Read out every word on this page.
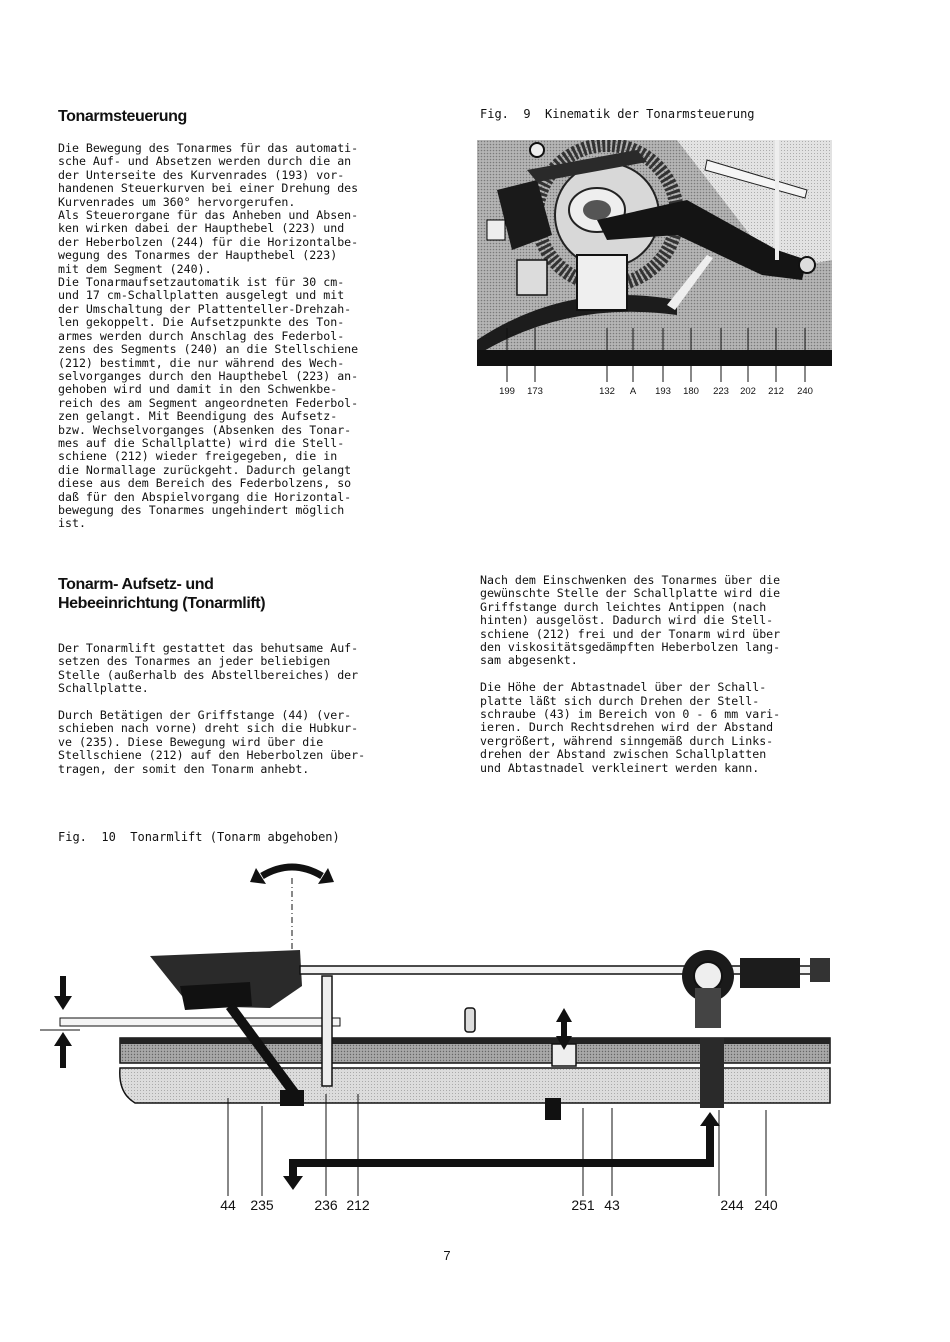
Tonarmsteuerung
Die Bewegung des Tonarmes für das automati-
sche Auf- und Absetzen werden durch die an
der Unterseite des Kurvenrades (193) vor-
handenen Steuerkurven bei einer Drehung des
Kurvenrades um 360° hervorgerufen.
Als Steuerorgane für das Anheben und Absen-
ken wirken dabei der Haupthebel (223) und
der Heberbolzen (244) für die Horizontalbe-
wegung des Tonarmes der Haupthebel (223)
mit dem Segment (240).
Die Tonarmaufsetzautomatik ist für 30 cm-
und 17 cm-Schallplatten ausgelegt und mit
der Umschaltung der Plattenteller-Drehzah-
len gekoppelt. Die Aufsetzpunkte des Ton-
armes werden durch Anschlag des Federbol-
zens des Segments (240) an die Stellschiene
(212) bestimmt, die nur während des Wech-
selvorganges durch den Haupthebel (223) an-
gehoben wird und damit in den Schwenkbe-
reich des am Segment angeordneten Federbol-
zen gelangt. Mit Beendigung des Aufsetz-
bzw. Wechselvorganges (Absenken des Tonar-
mes auf die Schallplatte) wird die Stell-
schiene (212) wieder freigegeben, die in
die Normallage zurückgeht. Dadurch gelangt
diese aus dem Bereich des Federbolzens, so
daß für den Abspielvorgang die Horizontal-
bewegung des Tonarmes ungehindert möglich
ist.
Fig.  9  Kinematik der Tonarmsteuerung
199	173	132	A	193	180	223	202	212	240
Tonarm- Aufsetz- und
Hebeeinrichtung (Tonarmlift)
Der Tonarmlift gestattet das behutsame Auf-
setzen des Tonarmes an jeder beliebigen
Stelle (außerhalb des Abstellbereiches) der
Schallplatte.

Durch Betätigen der Griffstange (44) (ver-
schieben nach vorne) dreht sich die Hubkur-
ve (235). Diese Bewegung wird über die
Stellschiene (212) auf den Heberbolzen über-
tragen, der somit den Tonarm anhebt.
Nach dem Einschwenken des Tonarmes über die
gewünschte Stelle der Schallplatte wird die
Griffstange durch leichtes Antippen (nach
hinten) ausgelöst. Dadurch wird die Stell-
schiene (212) frei und der Tonarm wird über
den viskositätsgedämpften Heberbolzen lang-
sam abgesenkt.

Die Höhe der Abtastnadel über der Schall-
platte läßt sich durch Drehen der Stell-
schraube (43) im Bereich von 0 - 6 mm vari-
ieren. Durch Rechtsdrehen wird der Abstand
vergrößert, während sinngemäß durch Links-
drehen der Abstand zwischen Schallplatten
und Abtastnadel verkleinert werden kann.
Fig.  10  Tonarmlift (Tonarm abgehoben)
44	235	236 212	251 43	244 240
7
